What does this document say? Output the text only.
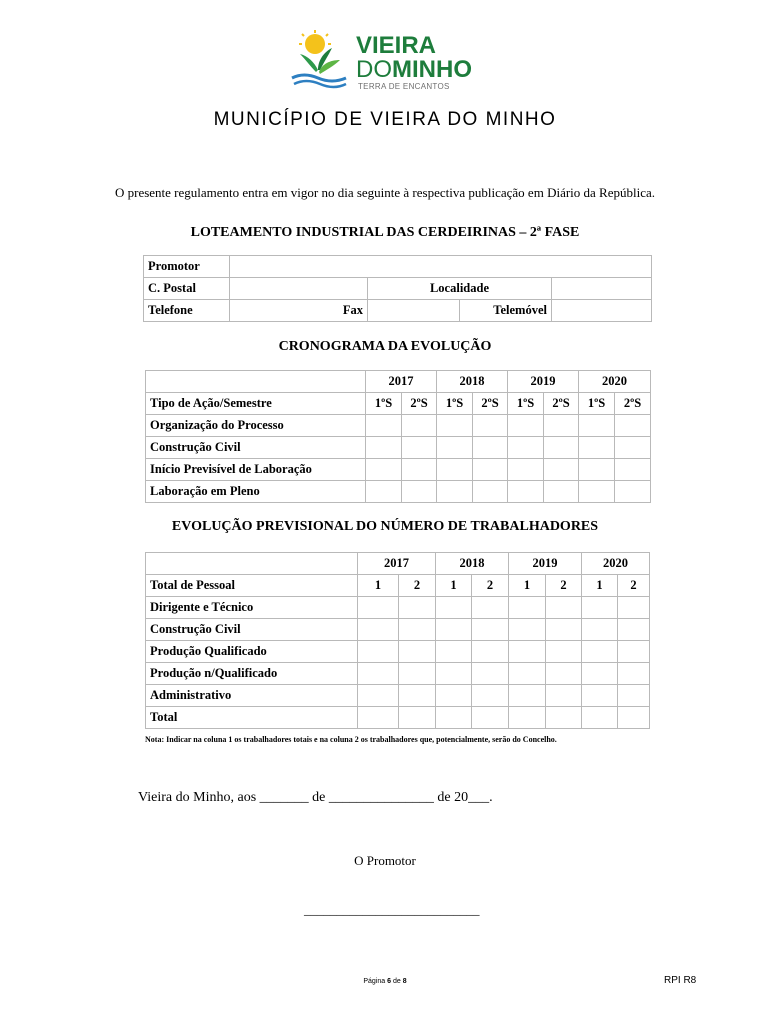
VIEIRA
DOMINHO
TERRA DE ENCANTOS
MUNICÍPIO DE VIEIRA DO MINHO
O presente regulamento entra em vigor no dia seguinte à respectiva publicação em Diário da República.
LOTEAMENTO INDUSTRIAL DAS CERDEIRINAS – 2ª FASE
Promotor				
C. Postal		Localidade		
Telefone	Fax		Telemóvel	
CRONOGRAMA DA EVOLUÇÃO
	2017		2018		2019		2020	
Tipo de Ação/Semestre	1ºS	2ºS	1ºS	2ºS	1ºS	2ºS	1ºS	2ºS
Organização do Processo								
Construção Civil								
Início Previsível de Laboração								
Laboração em Pleno								
EVOLUÇÃO PREVISIONAL DO NÚMERO DE TRABALHADORES
	2017		2018		2019		2020	
Total de Pessoal	1	2	1	2	1	2	1	2
Dirigente e Técnico								
Construção Civil								
Produção Qualificado								
Produção n/Qualificado								
Administrativo								
Total								
Nota: Indicar na coluna 1 os trabalhadores totais e na coluna 2 os trabalhadores que, potencialmente, serão do Concelho.
Vieira do Minho, aos _______ de _______________ de 20___.
O Promotor
___________________________
Página 6 de 8	RPI R8
